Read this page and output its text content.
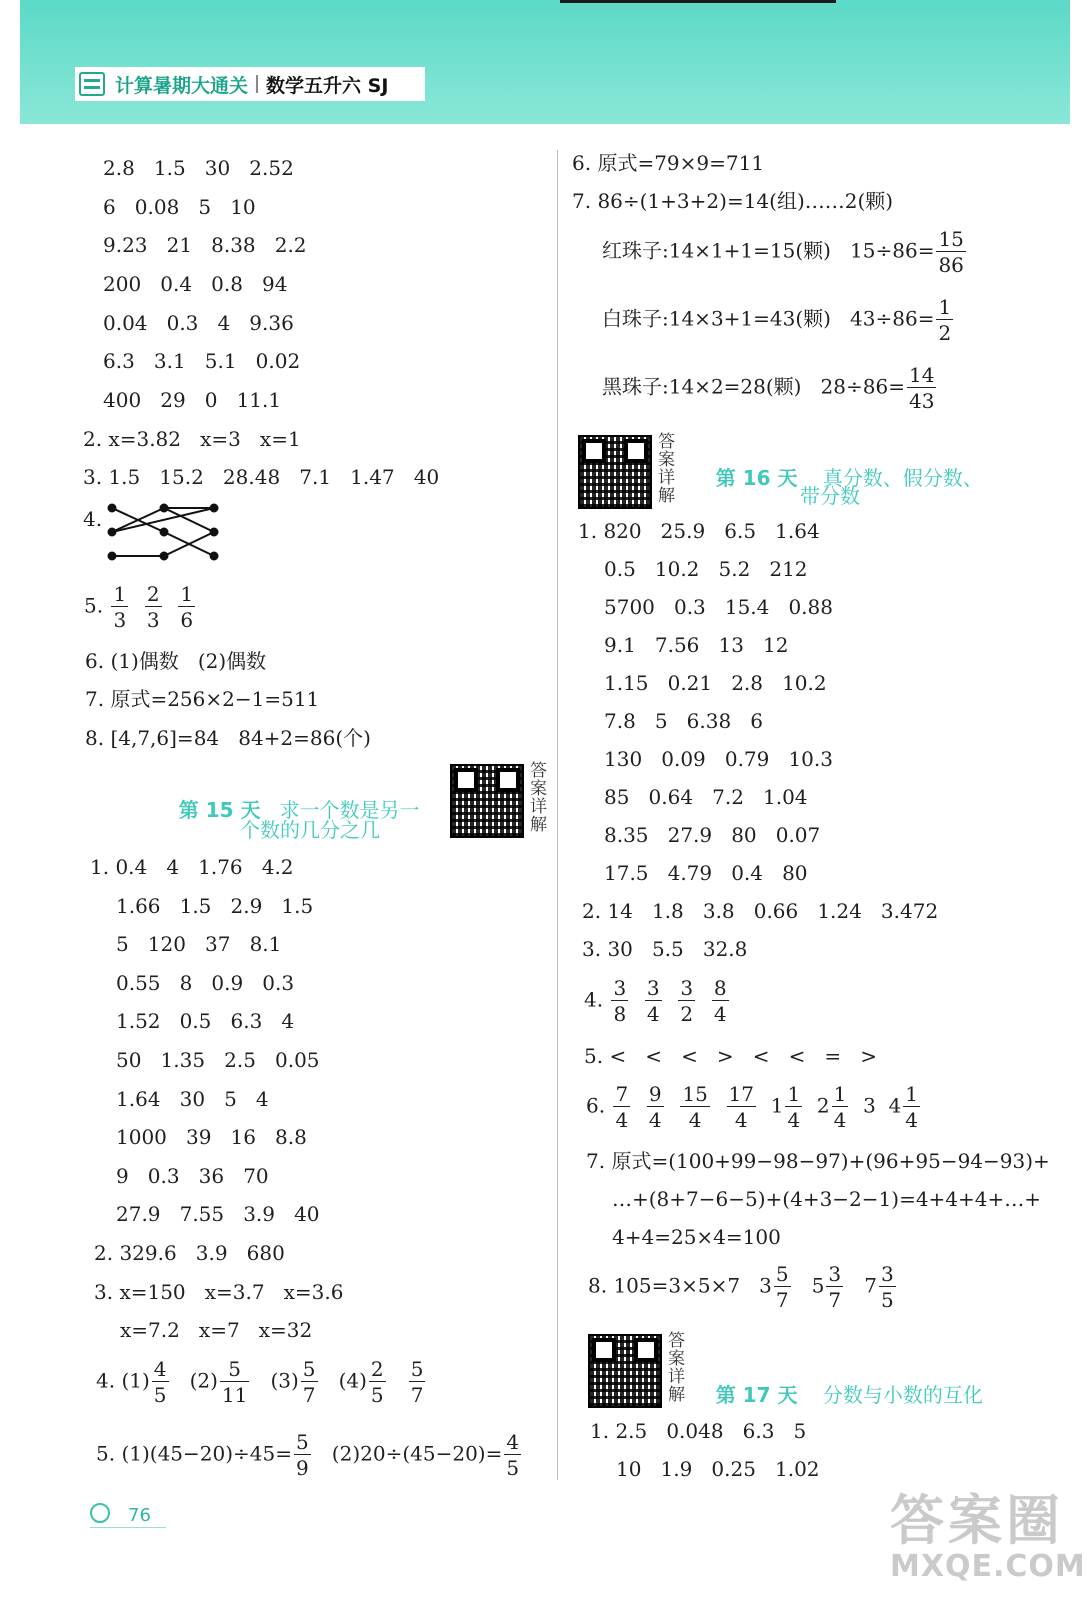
计算暑期大通关 数学五升六 SJ
2.8   1.5   30   2.52
6   0.08   5   10
9.23   21   8.38   2.2
200   0.4   0.8   94
0.04   0.3   4   9.36
6.3   3.1   5.1   0.02
400   29   0   11.1
2. x=3.82   x=3   x=1
3. 1.5   15.2   28.48   7.1   1.47   40
4.
6. (1)偶数   (2)偶数
7. 原式=256×2−1=511
8. [4,7,6]=84   84+2=86(个)
1. 0.4   4   1.76   4.2
1.66   1.5   2.9   1.5
5   120   37   8.1
0.55   8   0.9   0.3
1.52   0.5   6.3   4
50   1.35   2.5   0.05
1.64   30   5   4
1000   39   16   8.8
9   0.3   36   70
27.9   7.55   3.9   40
2. 329.6   3.9   680
3. x=150   x=3.7   x=3.6
x=7.2   x=7   x=32
5. $\frac{1}{3}$
$\frac{2}{3}$
$\frac{1}{6}$

4. $(1) \frac{4}{5} (2) \frac{5}{11} (3) \frac{5}{7} (4) \frac{2}{5}$
$\frac{5}{7}$

5. $(1)(45-20)\div 45= \frac{5}{9} (2)20\div(45-20)= \frac{4}{5}$

6. 原式=79×9=711
7. 86÷(1+3+2)=14(组)……2(颗)
1. 820   25.9   6.5   1.64
0.5   10.2   5.2   212
5700   0.3   15.4   0.88
9.1   7.56   13   12
1.15   0.21   2.8   10.2
7.8   5   6.38   6
130   0.09   0.79   10.3
85   0.64   7.2   1.04
8.35   27.9   80   0.07
17.5   4.79   0.4   80
2. 14   1.8   3.8   0.66   1.24   3.472
3. 30   5.5   32.8
5. <   <   <   >   <   <   =   >
7. 原式=(100+99−98−97)+(96+95−94−93)+
…+(8+7−6−5)+(4+3−2−1)=4+4+4+…+
4+4=25×4=100
1. 2.5   0.048   6.3   5
10   1.9   0.25   1.02
红珠子:14×1+1=15(颗)   $15\div 86= \frac{15}{86}$
白珠子:14×3+1=43(颗)   $43\div 86= \frac{1}{2}$
黑珠子:14×2=28(颗)   $28\div 86= \frac{14}{43}$
4. $\frac{3}{8}$
$\frac{3}{4}$
$\frac{3}{2}$
$\frac{8}{4}$

6. $\frac{7}{4}$
$\frac{9}{4}$
$\frac{15}{4}$
$\frac{17}{4} 1 \frac{1}{4} 2 \frac{1}{4} 3$ $4 \frac{1}{4}$

8. 105=3×5×7   $3 \frac{5}{7} 5 \frac{3}{7} 7 \frac{3}{5}$

第 15 天 求一个数是另一

个数的几分之几
答案详解
答案详解

第 16 天 真分数、假分数、

带分数
答案详解	第 17 天 分数与小数的互化

76	答案圈
MXQE.COM
